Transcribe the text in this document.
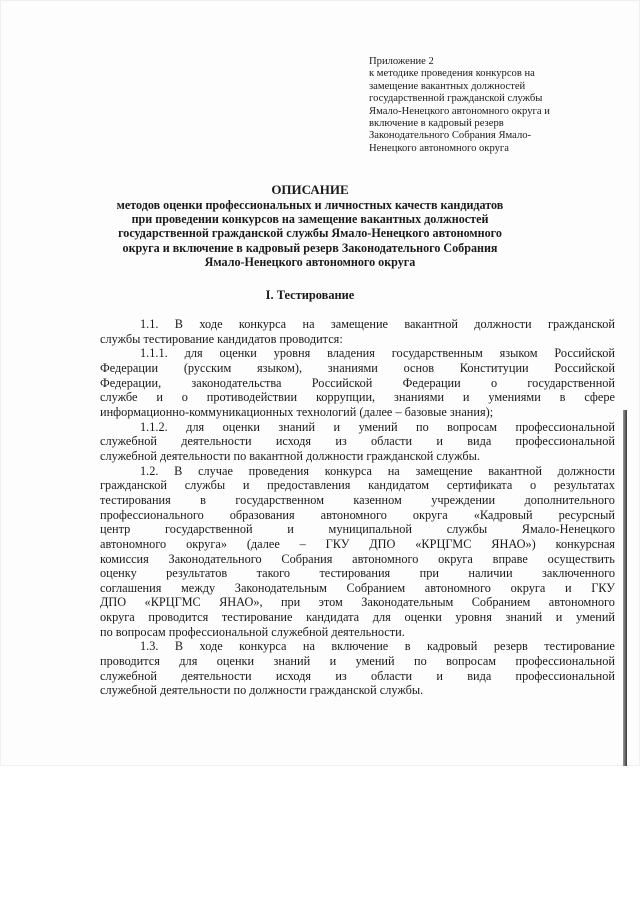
Приложение 2
к методике проведения конкурсов на
замещение вакантных должностей
государственной гражданской службы
Ямало-Ненецкого автономного округа и
включение в кадровый резерв
Законодательного Собрания Ямало-
Ненецкого автономного округа
ОПИСАНИЕ
методов оценки профессиональных и личностных качеств кандидатов
при проведении конкурсов на замещение вакантных должностей
государственной гражданской службы Ямало-Ненецкого автономного
округа и включение в кадровый резерв Законодательного Собрания
Ямало-Ненецкого автономного округа
I. Тестирование
1.1. В ходе конкурса на замещение вакантной должности гражданской
службы тестирование кандидатов проводится:
1.1.1. для оценки уровня владения государственным языком Российской
Федерации (русским языком), знаниями основ Конституции Российской
Федерации, законодательства Российской Федерации о государственной
службе и о противодействии коррупции, знаниями и умениями в сфере
информационно-коммуникационных технологий (далее – базовые знания);
1.1.2. для оценки знаний и умений по вопросам профессиональной
служебной деятельности исходя из области и вида профессиональной
служебной деятельности по вакантной должности гражданской службы.
1.2. В случае проведения конкурса на замещение вакантной должности
гражданской службы и предоставления кандидатом сертификата о результатах
тестирования в государственном казенном учреждении дополнительного
профессионального образования автономного округа «Кадровый ресурсный
центр	государственной	и	муниципальной	службы	Ямало-Ненецкого
автономного округа» (далее – ГКУ ДПО «КРЦГМС ЯНАО») конкурсная
комиссия Законодательного Собрания автономного округа вправе осуществить
оценку результатов такого тестирования при наличии заключенного
соглашения между Законодательным Собранием автономного округа и ГКУ
ДПО «КРЦГМС ЯНАО», при этом Законодательным Собранием автономного
округа проводится тестирование кандидата для оценки уровня знаний и умений
по вопросам профессиональной служебной деятельности.
1.3. В ходе конкурса на включение в кадровый резерв тестирование
проводится для оценки знаний и умений по вопросам профессиональной
служебной деятельности исходя из области и вида профессиональной
служебной деятельности по должности гражданской службы.
